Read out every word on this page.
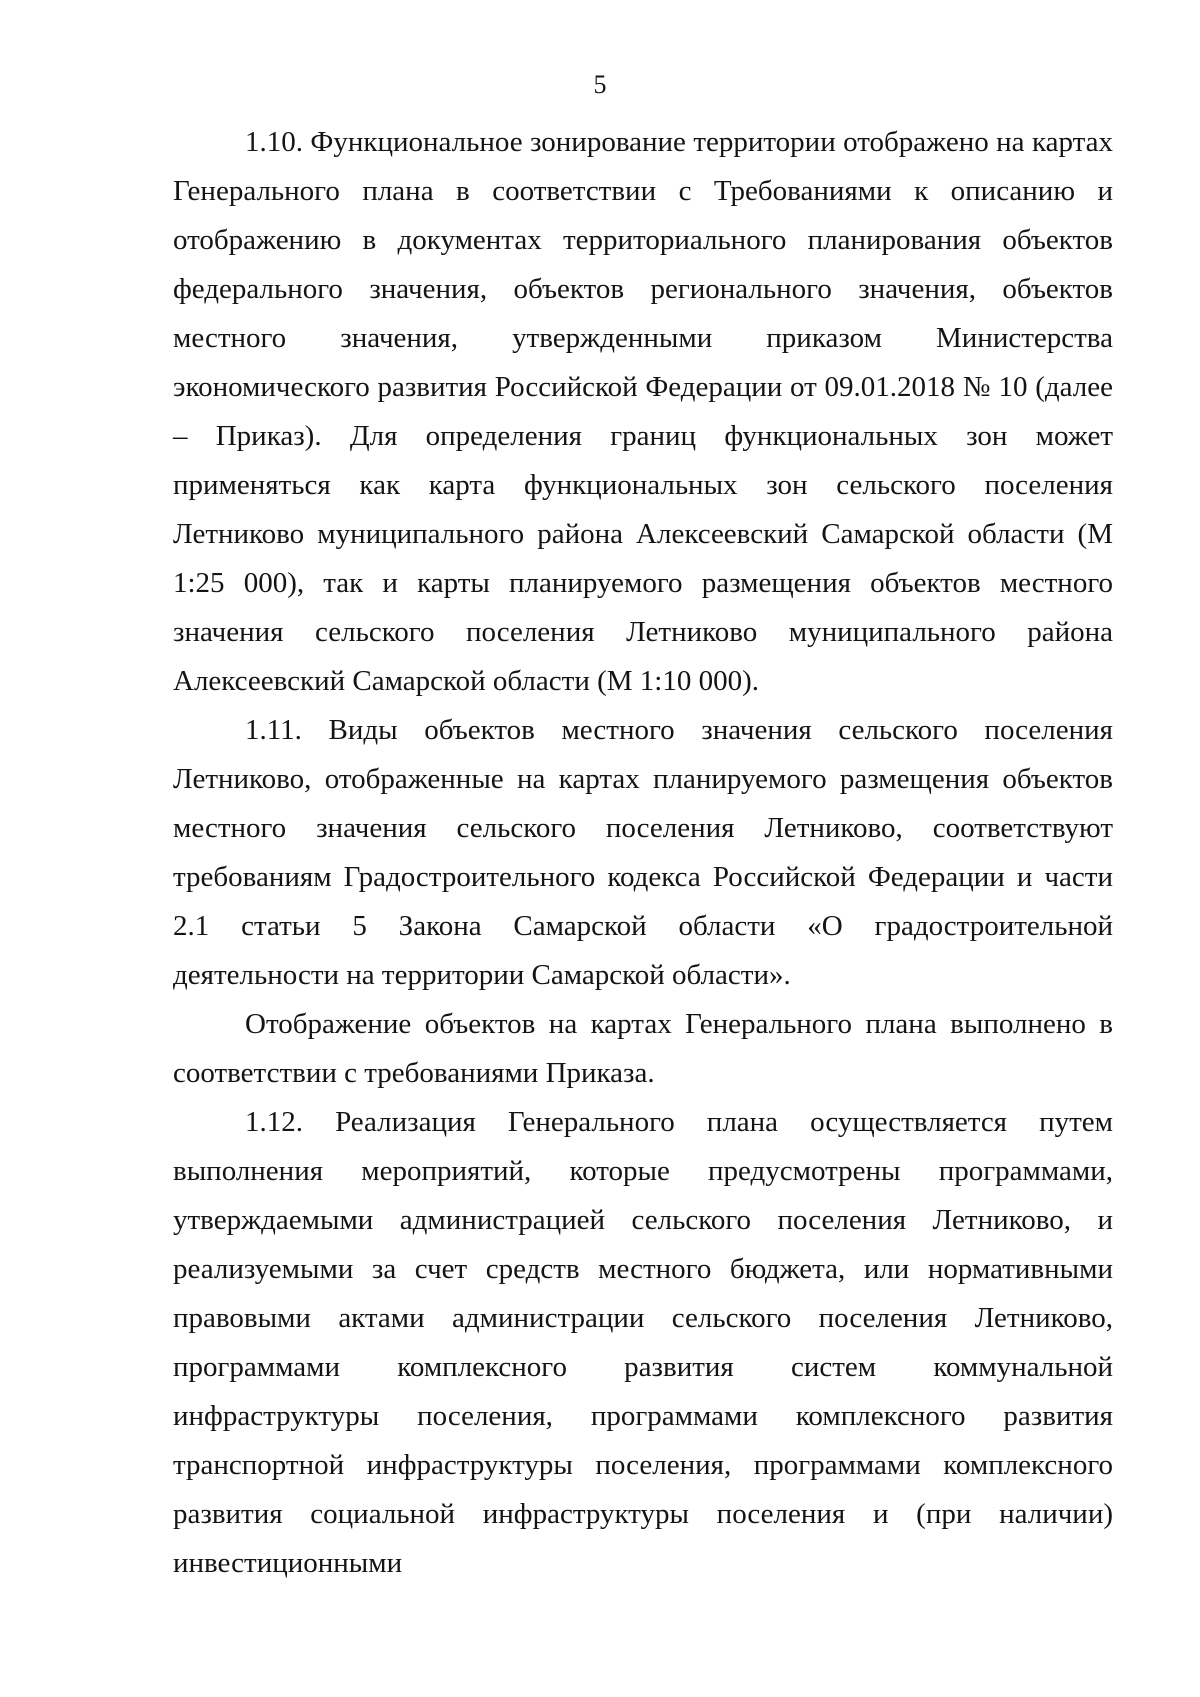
5

1.10. Функциональное зонирование территории отображено на картах Генерального плана в соответствии с Требованиями к описанию и отображению в документах территориального планирования объектов федерального значения, объектов регионального значения, объектов местного значения, утвержденными приказом Министерства экономического развития Российской Федерации от 09.01.2018 № 10 (далее – Приказ). Для определения границ функциональных зон может применяться как карта функциональных зон сельского поселения Летниково муниципального района Алексеевский Самарской области (М 1:25 000), так и карты планируемого размещения объектов местного значения сельского поселения Летниково муниципального района Алексеевский Самарской области (М 1:10 000).

1.11. Виды объектов местного значения сельского поселения Летниково, отображенные на картах планируемого размещения объектов местного значения сельского поселения Летниково, соответствуют требованиям Градостроительного кодекса Российской Федерации и части 2.1 статьи 5 Закона Самарской области «О градостроительной деятельности на территории Самарской области».

Отображение объектов на картах Генерального плана выполнено в соответствии с требованиями Приказа.

1.12. Реализация Генерального плана осуществляется путем выполнения мероприятий, которые предусмотрены программами, утверждаемыми администрацией сельского поселения Летниково, и реализуемыми за счет средств местного бюджета, или нормативными правовыми актами администрации сельского поселения Летниково, программами комплексного развития систем коммунальной инфраструктуры поселения, программами комплексного развития транспортной инфраструктуры поселения, программами комплексного развития социальной инфраструктуры поселения и (при наличии) инвестиционными
